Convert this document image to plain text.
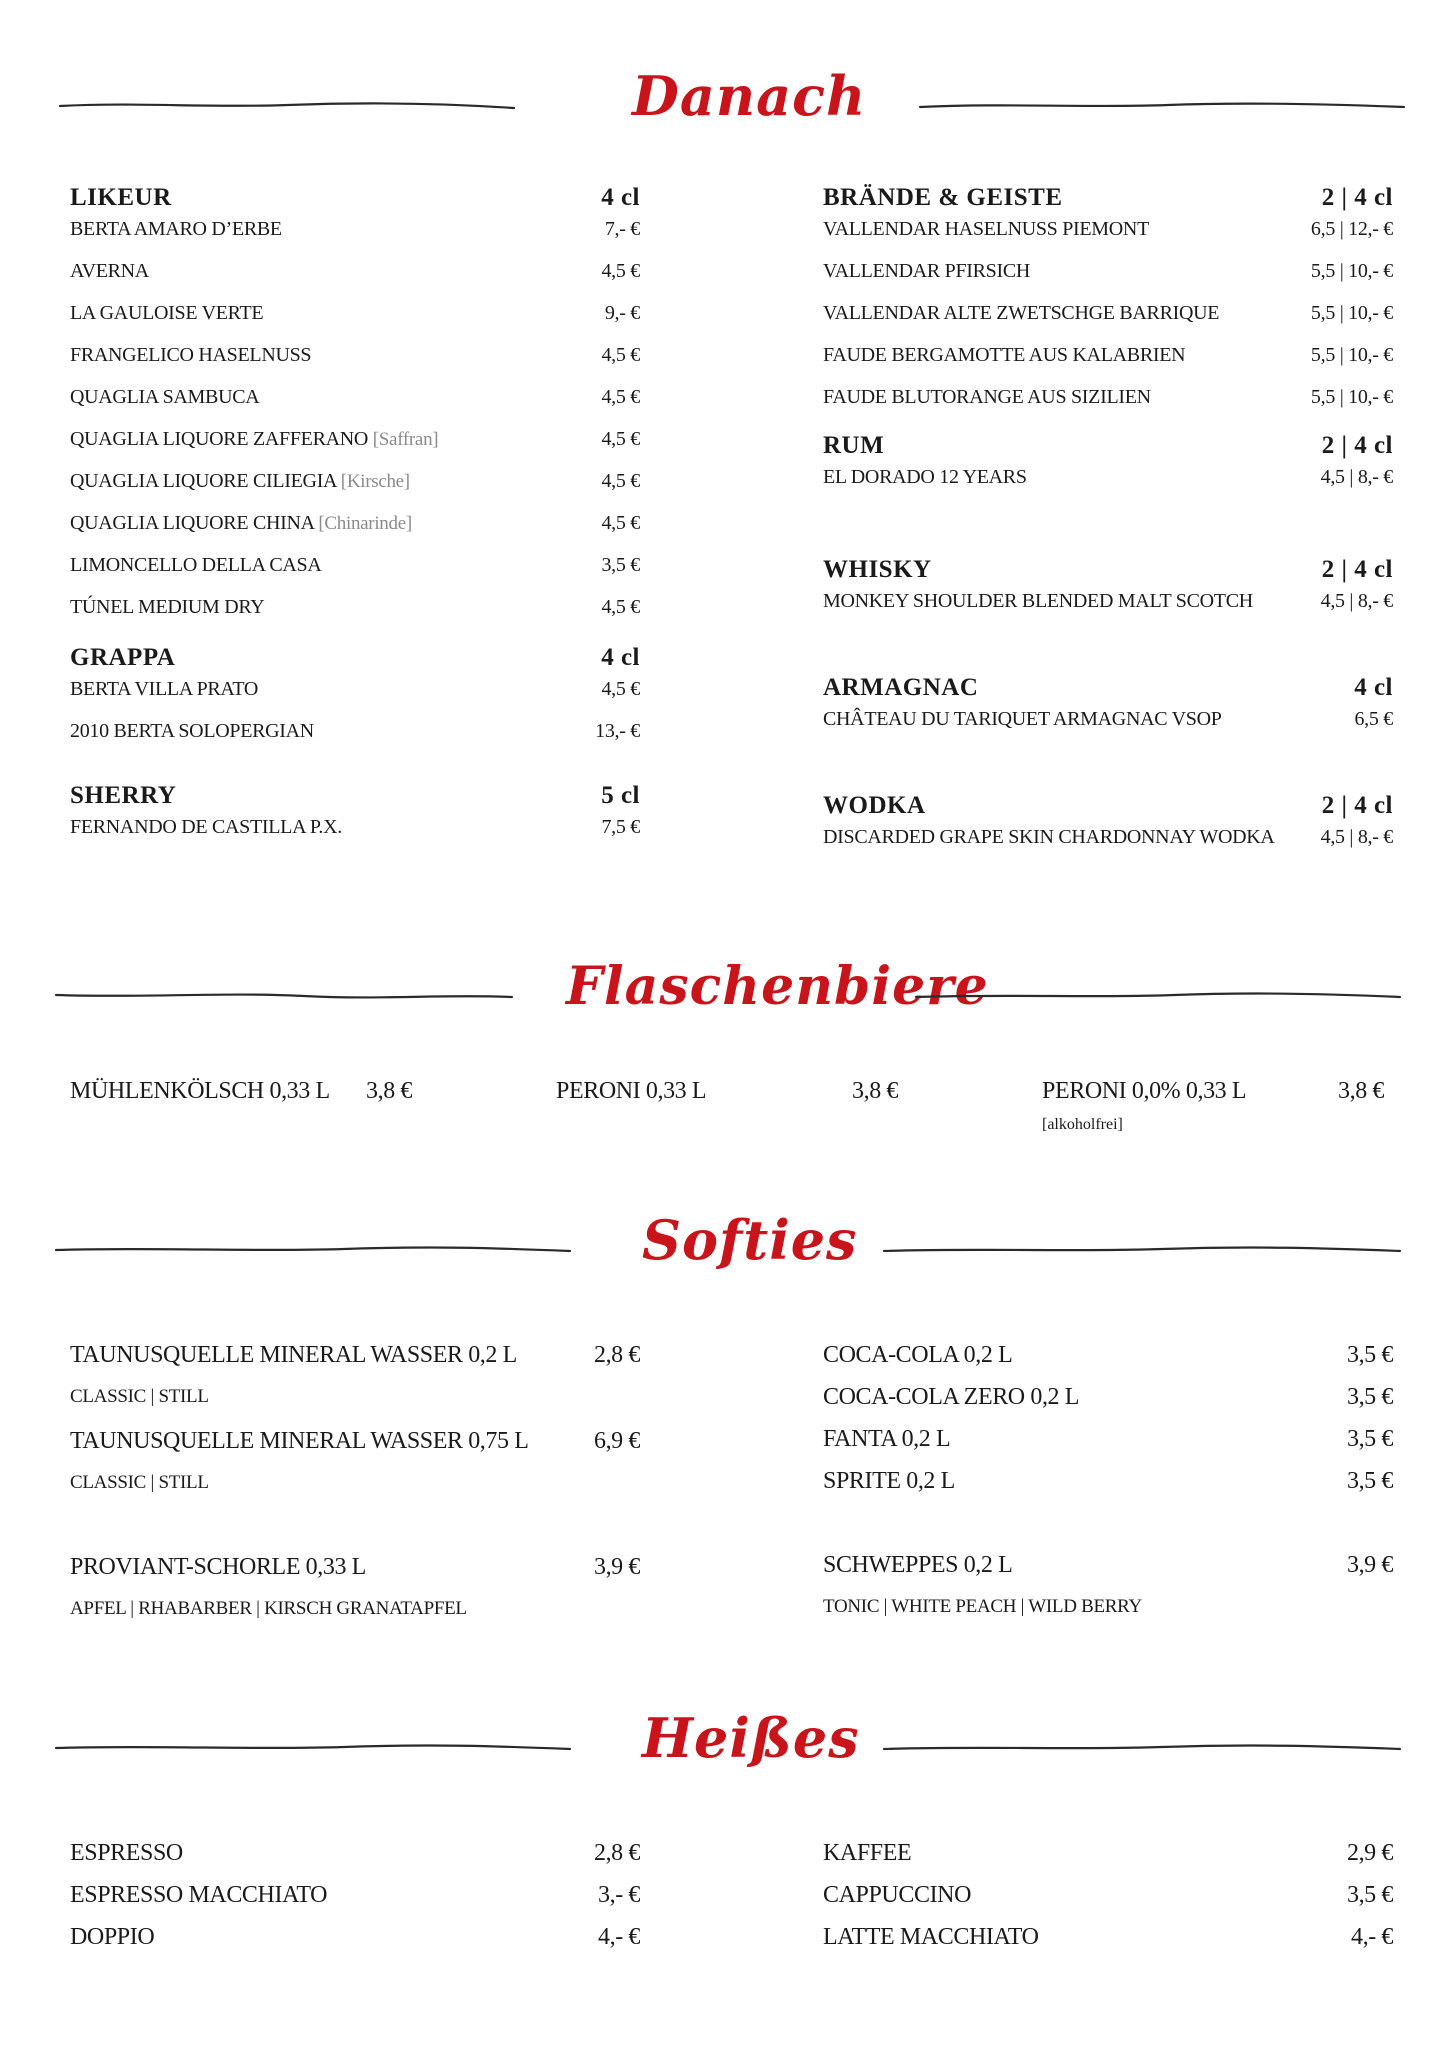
Danach
LIKEUR	4 cl
BERTA AMARO D’ERBE	7,- €
AVERNA	4,5 €
LA GAULOISE VERTE	9,- €
FRANGELICO HASELNUSS	4,5 €
QUAGLIA SAMBUCA	4,5 €
QUAGLIA LIQUORE ZAFFERANO [Saffran]	4,5 €
QUAGLIA LIQUORE CILIEGIA [Kirsche]	4,5 €
QUAGLIA LIQUORE CHINA [Chinarinde]	4,5 €
LIMONCELLO DELLA CASA	3,5 €
TÚNEL MEDIUM DRY	4,5 €
GRAPPA	4 cl
BERTA VILLA PRATO	4,5 €
2010 BERTA SOLOPERGIAN	13,- €
SHERRY	5 cl
FERNANDO DE CASTILLA P.X.	7,5 €
BRÄNDE & GEISTE	2 | 4 cl
VALLENDAR HASELNUSS PIEMONT	6,5 | 12,- €
VALLENDAR PFIRSICH	5,5 | 10,- €
VALLENDAR ALTE ZWETSCHGE BARRIQUE	5,5 | 10,- €
FAUDE BERGAMOTTE AUS KALABRIEN	5,5 | 10,- €
FAUDE BLUTORANGE AUS SIZILIEN	5,5 | 10,- €
RUM	2 | 4 cl
EL DORADO 12 YEARS	4,5 | 8,- €
WHISKY	2 | 4 cl
MONKEY SHOULDER BLENDED MALT SCOTCH	4,5 | 8,- €
ARMAGNAC	4 cl
CHÂTEAU DU TARIQUET ARMAGNAC VSOP	6,5 €
WODKA	2 | 4 cl
DISCARDED GRAPE SKIN CHARDONNAY WODKA 4,5 | 8,- €
Flaschenbiere
MÜHLENKÖLSCH 0,33 L 3,8 €	PERONI 0,33 L	3,8 €	PERONI 0,0% 0,33 L	3,8 €
[alkoholfrei]
Softies
TAUNUSQUELLE MINERAL WASSER 0,2 L	2,8 €
CLASSIC | STILL
TAUNUSQUELLE MINERAL WASSER 0,75 L	6,9 €
CLASSIC | STILL
PROVIANT-SCHORLE 0,33 L	3,9 €
APFEL | RHABARBER | KIRSCH GRANATAPFEL
COCA-COLA 0,2 L	3,5 €
COCA-COLA ZERO 0,2 L	3,5 €
FANTA 0,2 L	3,5 €
SPRITE 0,2 L	3,5 €
SCHWEPPES 0,2 L	3,9 €
TONIC | WHITE PEACH | WILD BERRY
Heißes
ESPRESSO	2,8 €
ESPRESSO MACCHIATO	3,- €
DOPPIO	4,- €
KAFFEE	2,9 €
CAPPUCCINO	3,5 €
LATTE MACCHIATO	4,- €
